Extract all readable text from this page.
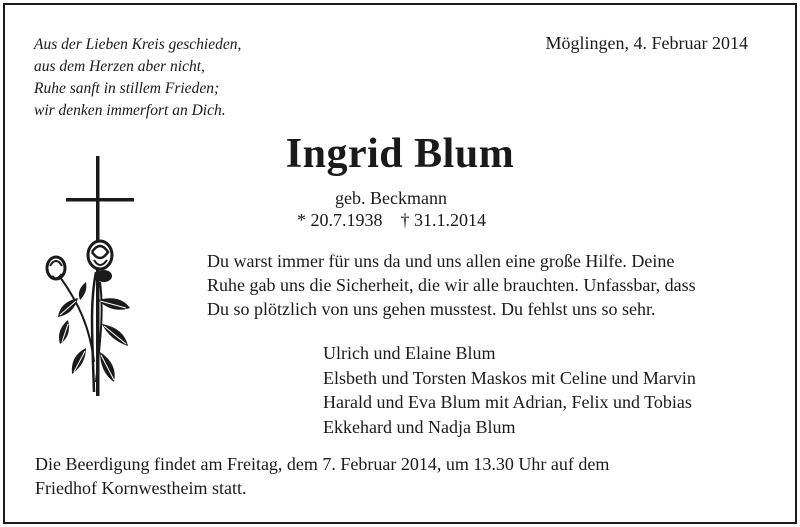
Aus der Lieben Kreis geschieden,
aus dem Herzen aber nicht,
Ruhe sanft in stillem Frieden;
wir denken immerfort an Dich.
Möglingen, 4. Februar 2014
Ingrid Blum
geb. Beckmann
* 20.7.1938 † 31.1.2014
Du warst immer für uns da und uns allen eine große Hilfe. Deine
Ruhe gab uns die Sicherheit, die wir alle brauchten. Unfassbar, dass
Du so plötzlich von uns gehen musstest. Du fehlst uns so sehr.
Ulrich und Elaine Blum
Elsbeth und Torsten Maskos mit Celine und Marvin
Harald und Eva Blum mit Adrian, Felix und Tobias
Ekkehard und Nadja Blum
Die Beerdigung findet am Freitag, dem 7. Februar 2014, um 13.30 Uhr auf dem
Friedhof Kornwestheim statt.
